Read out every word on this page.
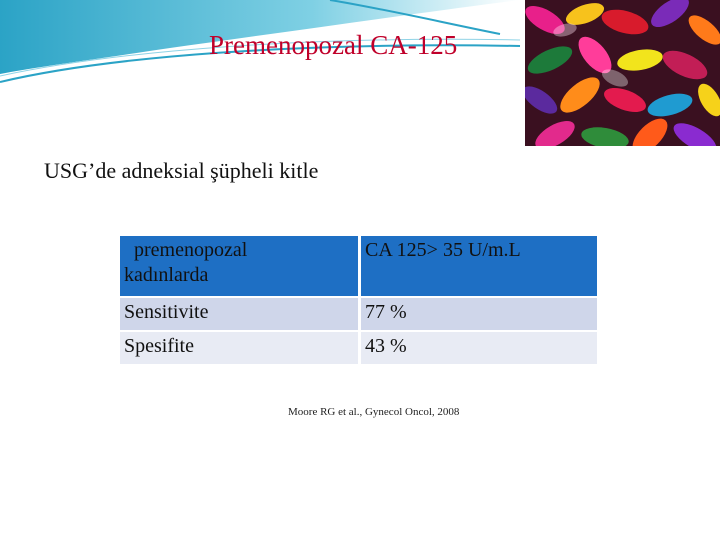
Premenopozal CA-125
USG’de adneksial şüpheli kitle
premenopozal
kadınlarda	CA 125> 35 U/m.L
Sensitivite	77 %
Spesifite	43 %
Moore RG et al., Gynecol Oncol, 2008
